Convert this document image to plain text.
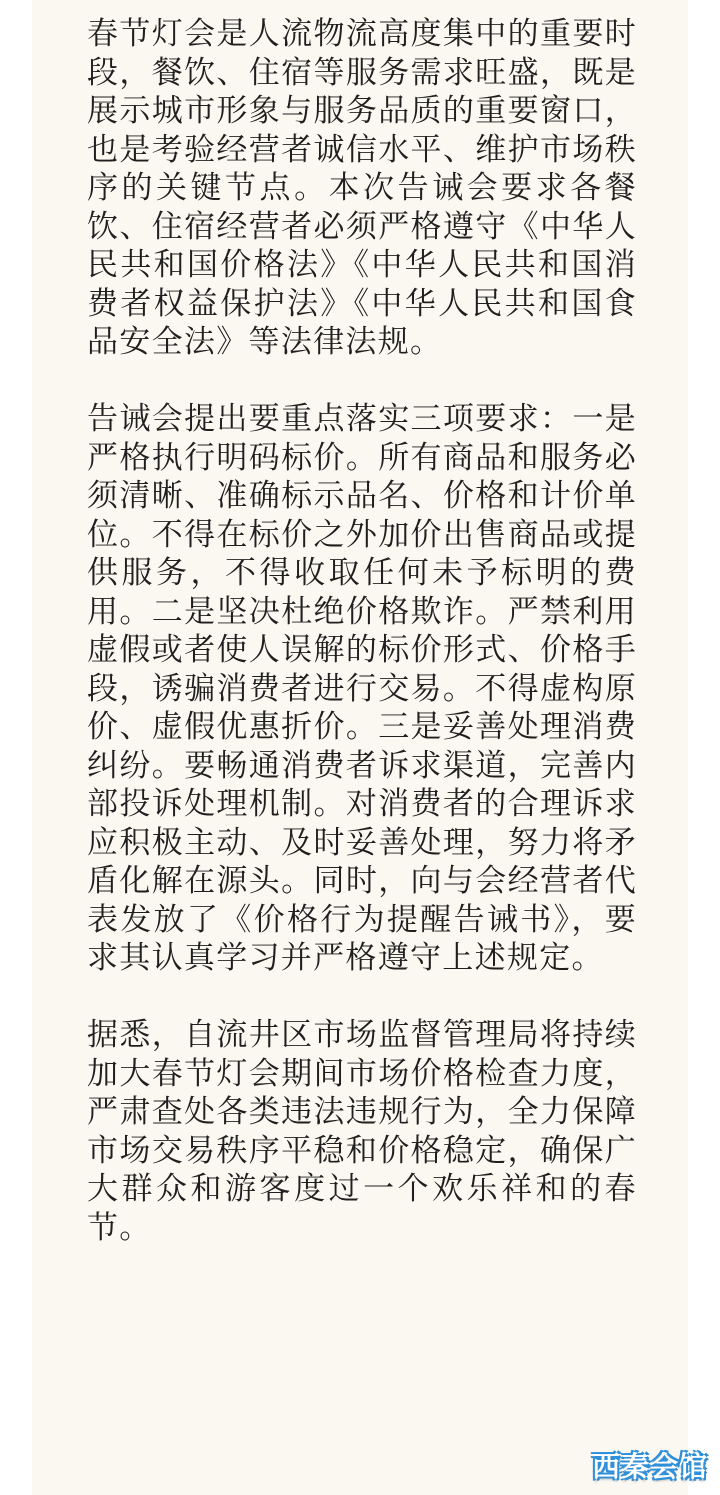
春节灯会是人流物流高度集中的重要时段，餐饮、住宿等服务需求旺盛，既是展示城市形象与服务品质的重要窗口，也是考验经营者诚信水平、维护市场秩序的关键节点。本次告诫会要求各餐饮、住宿经营者必须严格遵守《中华人民共和国价格法》《中华人民共和国消费者权益保护法》《中华人民共和国食品安全法》等法律法规。

告诫会提出要重点落实三项要求：一是严格执行明码标价。所有商品和服务必须清晰、准确标示品名、价格和计价单位。不得在标价之外加价出售商品或提供服务，不得收取任何未予标明的费用。二是坚决杜绝价格欺诈。严禁利用虚假或者使人误解的标价形式、价格手段，诱骗消费者进行交易。不得虚构原价、虚假优惠折价。三是妥善处理消费纠纷。要畅通消费者诉求渠道，完善内部投诉处理机制。对消费者的合理诉求应积极主动、及时妥善处理，努力将矛盾化解在源头。同时，向与会经营者代表发放了《价格行为提醒告诫书》，要求其认真学习并严格遵守上述规定。

据悉，自流井区市场监督管理局将持续加大春节灯会期间市场价格检查力度，严肃查处各类违法违规行为，全力保障市场交易秩序平稳和价格稳定，确保广大群众和游客度过一个欢乐祥和的春节。

西秦会馆
